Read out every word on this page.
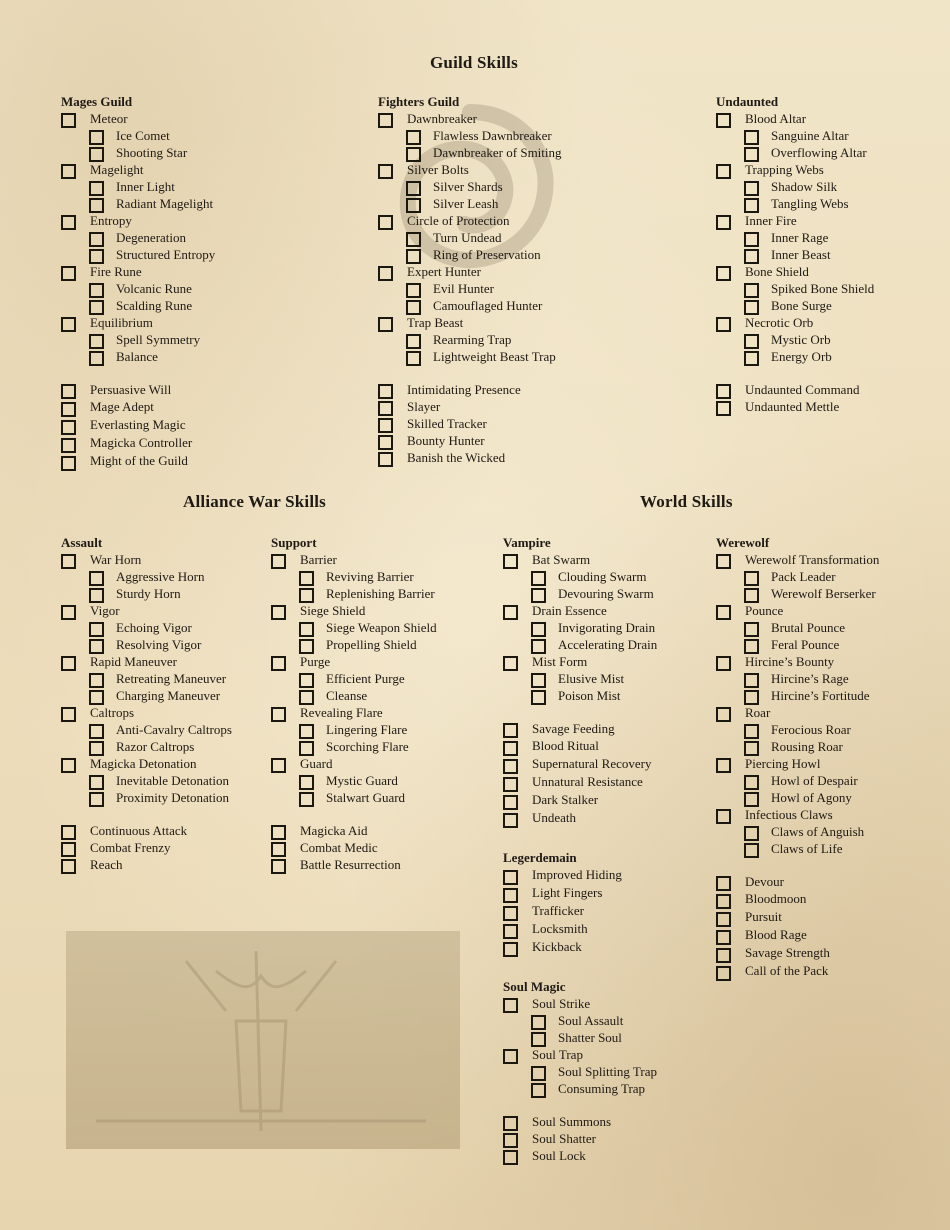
Guild Skills
Alliance War Skills	World Skills
Mages Guild
Meteor
Ice Comet
Shooting Star
Magelight
Inner Light
Radiant Magelight
Entropy
Degeneration
Structured Entropy
Fire Rune
Volcanic Rune
Scalding Rune
Equilibrium
Spell Symmetry
Balance
Persuasive Will
Mage Adept
Everlasting Magic
Magicka Controller
Might of the Guild
Fighters Guild
Dawnbreaker
Flawless Dawnbreaker
Dawnbreaker of Smiting
Silver Bolts
Silver Shards
Silver Leash
Circle of Protection
Turn Undead
Ring of Preservation
Expert Hunter
Evil Hunter
Camouflaged Hunter
Trap Beast
Rearming Trap
Lightweight Beast Trap
Intimidating Presence
Slayer
Skilled Tracker
Bounty Hunter
Banish the Wicked
Undaunted
Blood Altar
Sanguine Altar
Overflowing Altar
Trapping Webs
Shadow Silk
Tangling Webs
Inner Fire
Inner Rage
Inner Beast
Bone Shield
Spiked Bone Shield
Bone Surge
Necrotic Orb
Mystic Orb
Energy Orb
Undaunted Command
Undaunted Mettle
Assault
War Horn
Aggressive Horn
Sturdy Horn
Vigor
Echoing Vigor
Resolving Vigor
Rapid Maneuver
Retreating Maneuver
Charging Maneuver
Caltrops
Anti-Cavalry Caltrops
Razor Caltrops
Magicka Detonation
Inevitable Detonation
Proximity Detonation
Continuous Attack
Combat Frenzy
Reach
Support
Barrier
Reviving Barrier
Replenishing Barrier
Siege Shield
Siege Weapon Shield
Propelling Shield
Purge
Efficient Purge
Cleanse
Revealing Flare
Lingering Flare
Scorching Flare
Guard
Mystic Guard
Stalwart Guard
Magicka Aid
Combat Medic
Battle Resurrection
Vampire
Bat Swarm
Clouding Swarm
Devouring Swarm
Drain Essence
Invigorating Drain
Accelerating Drain
Mist Form
Elusive Mist
Poison Mist
Savage Feeding
Blood Ritual
Supernatural Recovery
Unnatural Resistance
Dark Stalker
Undeath
Legerdemain
Improved Hiding
Light Fingers
Trafficker
Locksmith
Kickback
Soul Magic
Soul Strike
Soul Assault
Shatter Soul
Soul Trap
Soul Splitting Trap
Consuming Trap
Soul Summons
Soul Shatter
Soul Lock
Werewolf
Werewolf Transformation
Pack Leader
Werewolf Berserker
Pounce
Brutal Pounce
Feral Pounce
Hircine’s Bounty
Hircine’s Rage
Hircine’s Fortitude
Roar
Ferocious Roar
Rousing Roar
Piercing Howl
Howl of Despair
Howl of Agony
Infectious Claws
Claws of Anguish
Claws of Life
Devour
Bloodmoon
Pursuit
Blood Rage
Savage Strength
Call of the Pack
